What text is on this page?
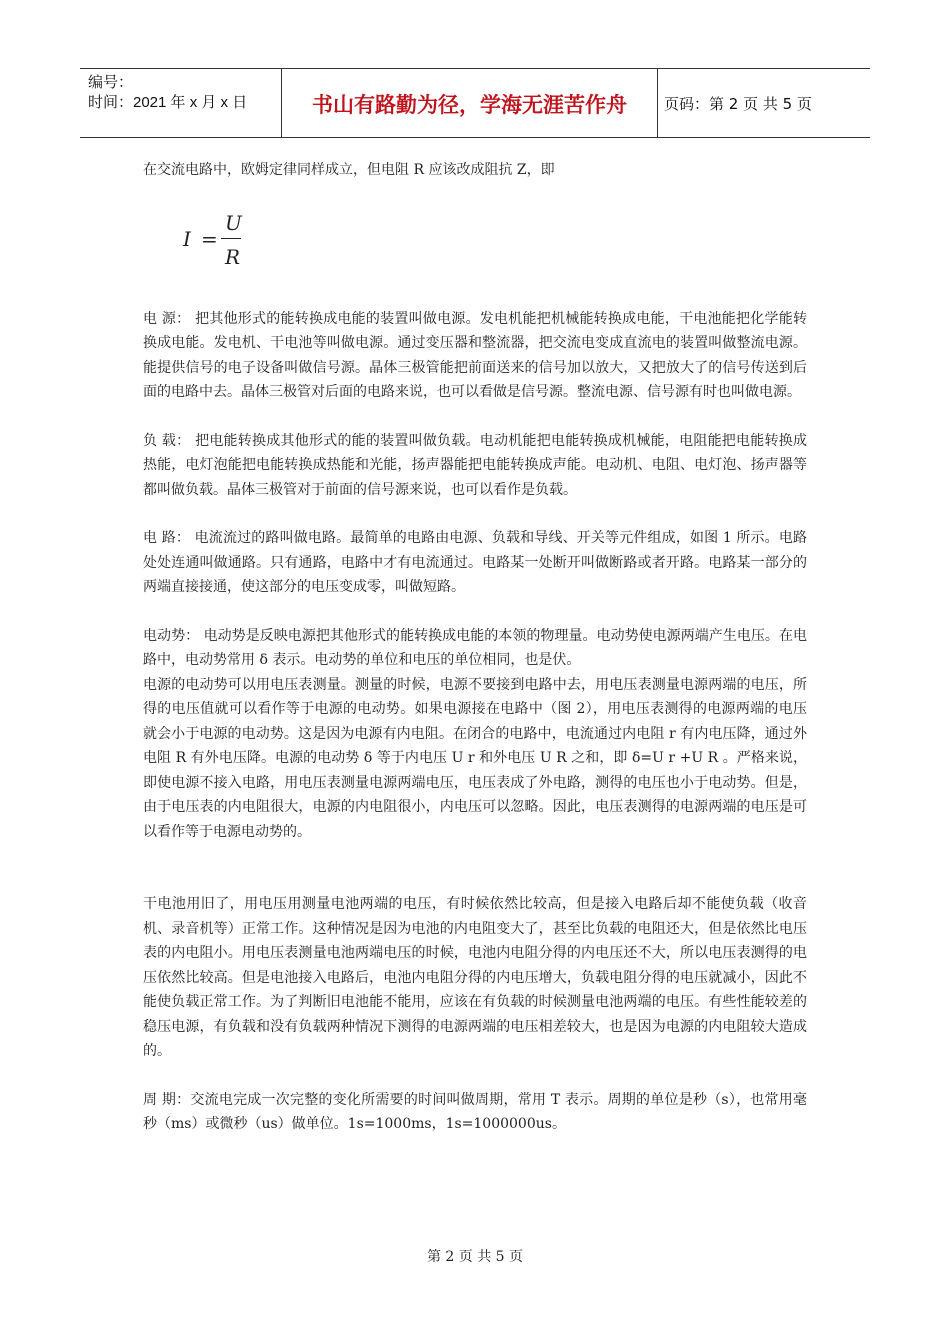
编号：
时间：2021 年 x 月 x 日	书山有路勤为径，学海无涯苦作舟	页码：第 2 页 共 5 页

在交流电路中，欧姆定律同样成立，但电阻 R 应该改成阻抗 Z，即

I =
U
R

电 源： 把其他形式的能转换成电能的装置叫做电源。发电机能把机械能转换成电能，干电池能把化学能转换成电能。发电机、干电池等叫做电源。通过变压器和整流器，把交流电变成直流电的装置叫做整流电源。能提供信号的电子设备叫做信号源。晶体三极管能把前面送来的信号加以放大，又把放大了的信号传送到后面的电路中去。晶体三极管对后面的电路来说，也可以看做是信号源。整流电源、信号源有时也叫做电源。

负 载： 把电能转换成其他形式的能的装置叫做负载。电动机能把电能转换成机械能，电阻能把电能转换成热能，电灯泡能把电能转换成热能和光能，扬声器能把电能转换成声能。电动机、电阻、电灯泡、扬声器等都叫做负载。晶体三极管对于前面的信号源来说，也可以看作是负载。

电 路： 电流流过的路叫做电路。最简单的电路由电源、负载和导线、开关等元件组成，如图 1 所示。电路处处连通叫做通路。只有通路，电路中才有电流通过。电路某一处断开叫做断路或者开路。电路某一部分的两端直接接通，使这部分的电压变成零，叫做短路。

电动势： 电动势是反映电源把其他形式的能转换成电能的本领的物理量。电动势使电源两端产生电压。在电路中，电动势常用 δ 表示。电动势的单位和电压的单位相同，也是伏。

电源的电动势可以用电压表测量。测量的时候，电源不要接到电路中去，用电压表测量电源两端的电压，所得的电压值就可以看作等于电源的电动势。如果电源接在电路中（图 2），用电压表测得的电源两端的电压就会小于电源的电动势。这是因为电源有内电阻。在闭合的电路中，电流通过内电阻 r 有内电压降，通过外电阻 R 有外电压降。电源的电动势 δ 等于内电压 U r 和外电压 U R 之和，即 δ=U r +U R 。严格来说，即使电源不接入电路，用电压表测量电源两端电压，电压表成了外电路，测得的电压也小于电动势。但是，由于电压表的内电阻很大，电源的内电阻很小，内电压可以忽略。因此，电压表测得的电源两端的电压是可以看作等于电源电动势的。

干电池用旧了，用电压用测量电池两端的电压，有时候依然比较高，但是接入电路后却不能使负载（收音机、录音机等）正常工作。这种情况是因为电池的内电阻变大了，甚至比负载的电阻还大，但是依然比电压表的内电阻小。用电压表测量电池两端电压的时候，电池内电阻分得的内电压还不大，所以电压表测得的电压依然比较高。但是电池接入电路后，电池内电阻分得的内电压增大，负载电阻分得的电压就减小，因此不能使负载正常工作。为了判断旧电池能不能用，应该在有负载的时候测量电池两端的电压。有些性能较差的稳压电源，有负载和没有负载两种情况下测得的电源两端的电压相差较大，也是因为电源的内电阻较大造成的。

周 期：交流电完成一次完整的变化所需要的时间叫做周期，常用 T 表示。周期的单位是秒（s），也常用毫秒（ms）或微秒（us）做单位。1s=1000ms，1s=1000000us。

第 2 页 共 5 页
